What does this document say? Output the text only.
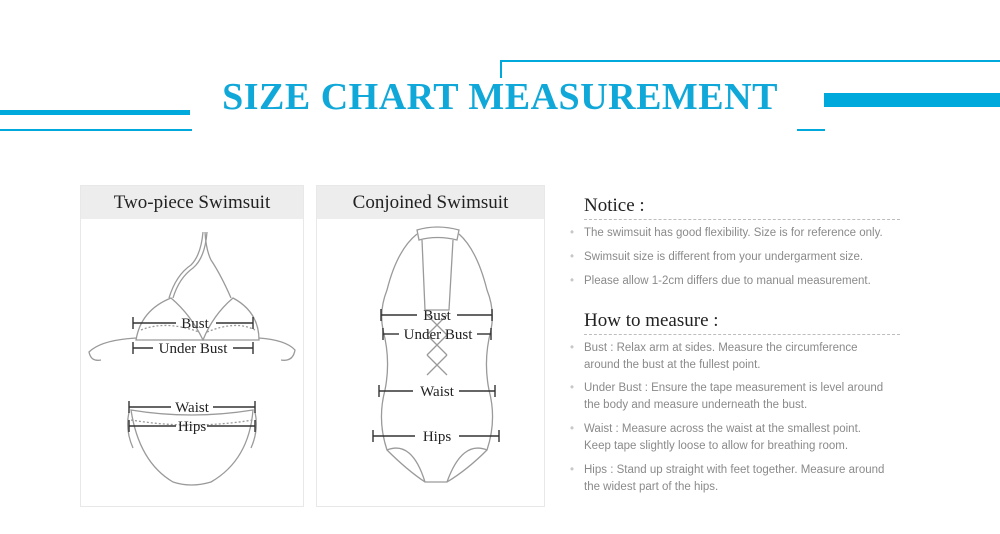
SIZE CHART MEASUREMENT
Two-piece Swimsuit
Bust
Under Bust
Waist
Hips
Conjoined Swimsuit
Bust
Under Bust
Waist
Hips
Notice :
• The swimsuit has good flexibility. Size is for reference only.
• Swimsuit size is different from your undergarment size.
• Please allow 1-2cm differs due to manual measurement.
How to measure :
• Bust : Relax arm at sides. Measure the circumference
around the bust at the fullest point.
• Under Bust : Ensure the tape measurement is level around
the body and measure underneath the bust.
• Waist : Measure across the waist at the smallest point.
Keep tape slightly loose to allow for breathing room.
• Hips : Stand up straight with feet together. Measure around
the widest part of the hips.
